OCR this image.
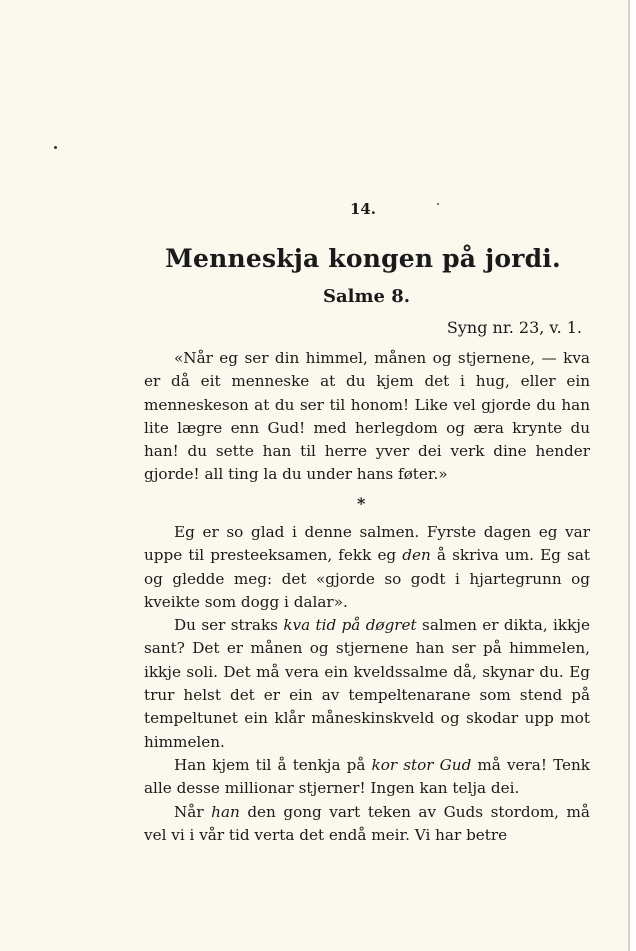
14.
Menneskja kongen på jordi.
Salme 8.
Syng nr. 23, v. 1.

«Når eg ser din himmel, månen og stjernene, — kva er då eit menneske at du kjem det i hug, eller ein menneskeson at du ser til honom! Like vel gjorde du han lite lægre enn Gud! med herlegdom og æra krynte du han! du sette han til herre yver dei verk dine hender gjorde! all ting la du under hans føter.»

*

Eg er so glad i denne salmen. Fyrste dagen eg var uppe til presteeksamen, fekk eg den å skriva um. Eg sat og gledde meg: det «gjorde so godt i hjartegrunn og kveikte som dogg i dalar».

Du ser straks kva tid på døgret salmen er dikta, ikkje sant? Det er månen og stjernene han ser på himmelen, ikkje soli. Det må vera ein kveldssalme då, skynar du. Eg trur helst det er ein av tempeltenarane som stend på tempeltunet ein klår måneskinskveld og skodar upp mot himmelen.

Han kjem til å tenkja på kor stor Gud må vera! Tenk alle desse millionar stjerner! Ingen kan telja dei.

Når han den gong vart teken av Guds stordom, må vel vi i vår tid verta det endå meir. Vi har betre
